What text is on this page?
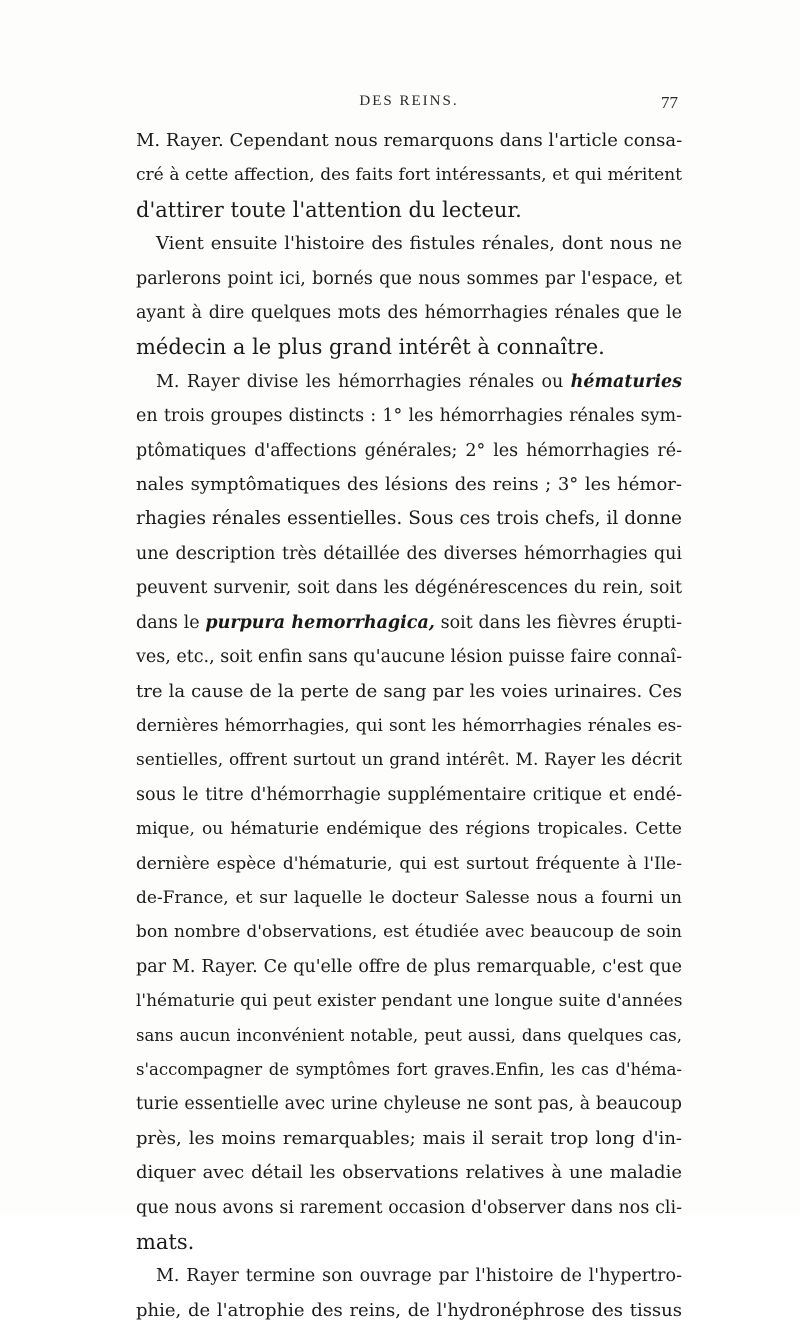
DES REINS.	77
M. Rayer. Cependant nous remarquons dans l'article consa-
cré à cette affection, des faits fort intéressants, et qui méritent
d'attirer toute l'attention du lecteur.
Vient ensuite l'histoire des fistules rénales, dont nous ne
parlerons point ici, bornés que nous sommes par l'espace, et
ayant à dire quelques mots des hémorrhagies rénales que le
médecin a le plus grand intérêt à connaître.
M. Rayer divise les hémorrhagies rénales ou hématuries
en trois groupes distincts : 1° les hémorrhagies rénales sym-
ptômatiques d'affections générales; 2° les hémorrhagies ré-
nales symptômatiques des lésions des reins ; 3° les hémor-
rhagies rénales essentielles. Sous ces trois chefs, il donne
une description très détaillée des diverses hémorrhagies qui
peuvent survenir, soit dans les dégénérescences du rein, soit
dans le purpura hemorrhagica, soit dans les fièvres érupti-
ves, etc., soit enfin sans qu'aucune lésion puisse faire connaî-
tre la cause de la perte de sang par les voies urinaires. Ces
dernières hémorrhagies, qui sont les hémorrhagies rénales es-
sentielles, offrent surtout un grand intérêt. M. Rayer les décrit
sous le titre d'hémorrhagie supplémentaire critique et endé-
mique, ou hématurie endémique des régions tropicales. Cette
dernière espèce d'hématurie, qui est surtout fréquente à l'Ile-
de-France, et sur laquelle le docteur Salesse nous a fourni un
bon nombre d'observations, est étudiée avec beaucoup de soin
par M. Rayer. Ce qu'elle offre de plus remarquable, c'est que
l'hématurie qui peut exister pendant une longue suite d'années
sans aucun inconvénient notable, peut aussi, dans quelques cas,
s'accompagner de symptômes fort graves.Enfin, les cas d'héma-
turie essentielle avec urine chyleuse ne sont pas, à beaucoup
près, les moins remarquables; mais il serait trop long d'in-
diquer avec détail les observations relatives à une maladie
que nous avons si rarement occasion d'observer dans nos cli-
mats.
M. Rayer termine son ouvrage par l'histoire de l'hypertro-
phie, de l'atrophie des reins, de l'hydronéphrose des tissus
